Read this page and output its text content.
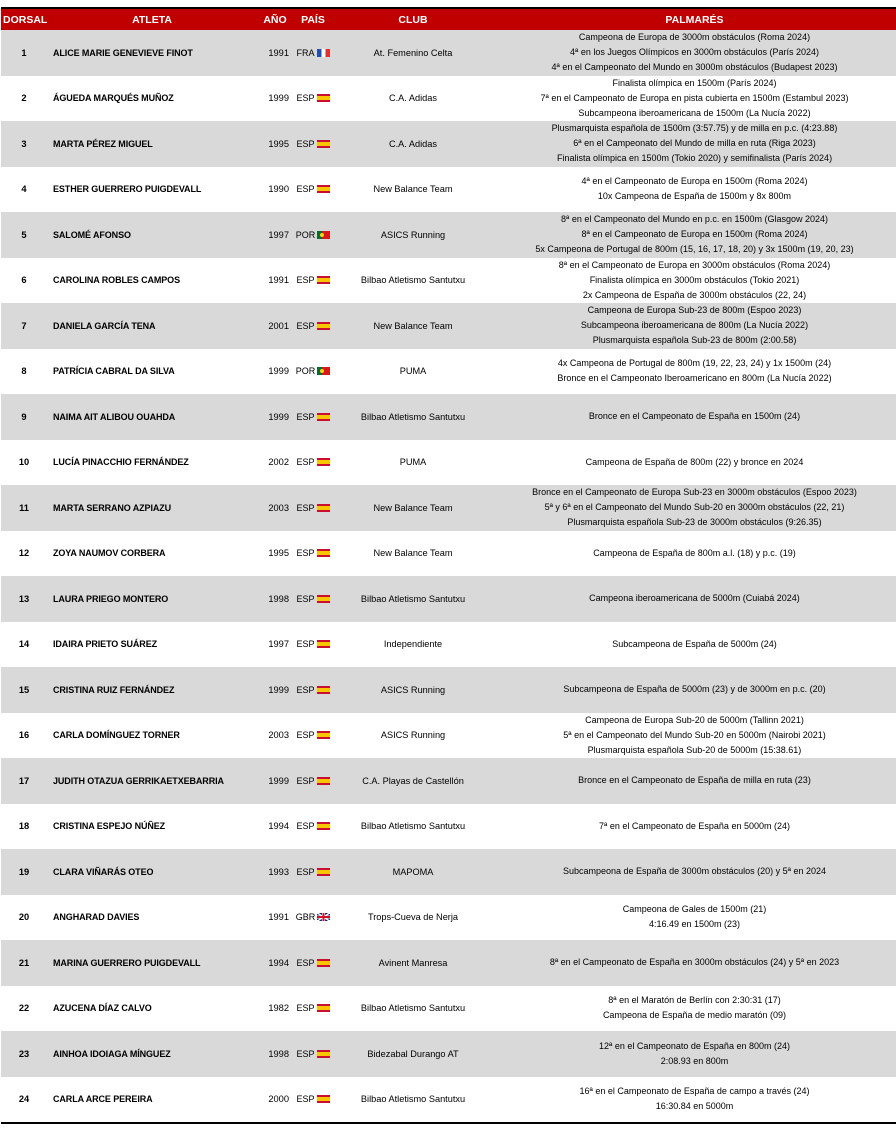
DORSAL	ATLETA	AÑO	PAÍS	CLUB	PALMARÉS
1	ALICE MARIE GENEVIEVE FINOT	1991 FRA	At. Femenino Celta
Campeona de Europa de 3000m obstáculos (Roma 2024)
4ª en los Juegos Olímpicos en 3000m obstáculos (París 2024)
4ª en el Campeonato del Mundo en 3000m obstáculos (Budapest 2023)
2	ÁGUEDA MARQUÉS MUÑOZ	1999 ESP	C.A. Adidas
Finalista olímpica en 1500m (París 2024)
7ª en el Campeonato de Europa en pista cubierta en 1500m (Estambul 2023)
Subcampeona iberoamericana de 1500m (La Nucía 2022)
3	MARTA PÉREZ MIGUEL	1995 ESP	C.A. Adidas
Plusmarquista española de 1500m (3:57.75) y de milla en p.c. (4:23.88)
6ª en el Campeonato del Mundo de milla en ruta (Riga 2023)
Finalista olímpica en 1500m (Tokio 2020) y semifinalista (París 2024)
4	ESTHER GUERRERO PUIGDEVALL	1990 ESP	New Balance Team
4ª en el Campeonato de Europa en 1500m (Roma 2024)
10x Campeona de España de 1500m y 8x 800m
5	SALOMÉ AFONSO	1997 POR	ASICS Running
8ª en el Campeonato del Mundo en p.c. en 1500m (Glasgow 2024)
8ª en el Campeonato de Europa en 1500m (Roma 2024)
5x Campeona de Portugal de 800m (15, 16, 17, 18, 20) y 3x 1500m (19, 20, 23)
6	CAROLINA ROBLES CAMPOS	1991 ESP	Bilbao Atletismo Santutxu
8ª en el Campeonato de Europa en 3000m obstáculos (Roma 2024)
Finalista olímpica en 3000m obstáculos (Tokio 2021)
2x Campeona de España de 3000m obstáculos (22, 24)
7	DANIELA GARCÍA TENA	2001 ESP	New Balance Team
Campeona de Europa Sub-23 de 800m (Espoo 2023)
Subcampeona iberoamericana de 800m (La Nucía 2022)
Plusmarquista española Sub-23 de 800m (2:00.58)
8	PATRÍCIA CABRAL DA SILVA	1999 POR	PUMA
4x Campeona de Portugal de 800m (19, 22, 23, 24) y 1x 1500m (24)
Bronce en el Campeonato Iberoamericano en 800m (La Nucía 2022)
9	NAIMA AIT ALIBOU OUAHDA	1999 ESP	Bilbao Atletismo Santutxu	Bronce en el Campeonato de España en 1500m (24)
10	LUCÍA PINACCHIO FERNÁNDEZ	2002 ESP	PUMA	Campeona de España de 800m (22) y bronce en 2024
11	MARTA SERRANO AZPIAZU	2003 ESP	New Balance Team
Bronce en el Campeonato de Europa Sub-23 en 3000m obstáculos (Espoo 2023)
5ª y 6ª en el Campeonato del Mundo Sub-20 en 3000m obstáculos (22, 21)
Plusmarquista española Sub-23 de 3000m obstáculos (9:26.35)
12	ZOYA NAUMOV CORBERA	1995 ESP	New Balance Team	Campeona de España de 800m a.l. (18) y p.c. (19)
13	LAURA PRIEGO MONTERO	1998 ESP	Bilbao Atletismo Santutxu	Campeona iberoamericana de 5000m (Cuiabá 2024)
14	IDAIRA PRIETO SUÁREZ	1997 ESP	Independiente	Subcampeona de España de 5000m (24)
15	CRISTINA RUIZ FERNÁNDEZ	1999 ESP	ASICS Running	Subcampeona de España de 5000m (23) y de 3000m en p.c. (20)
16	CARLA DOMÍNGUEZ TORNER	2003 ESP	ASICS Running
Campeona de Europa Sub-20 de 5000m (Tallinn 2021)
5ª en el Campeonato del Mundo Sub-20 en 5000m (Nairobi 2021)
Plusmarquista española Sub-20 de 5000m (15:38.61)
17	JUDITH OTAZUA GERRIKAETXEBARRIA	1999 ESP	C.A. Playas de Castellón	Bronce en el Campeonato de España de milla en ruta (23)
18	CRISTINA ESPEJO NÚÑEZ	1994 ESP	Bilbao Atletismo Santutxu	7ª en el Campeonato de España en 5000m (24)
19	CLARA VIÑARÁS OTEO	1993 ESP	MAPOMA	Subcampeona de España de 3000m obstáculos (20) y 5ª en 2024
20	ANGHARAD DAVIES	1991 GBR	Trops-Cueva de Nerja
Campeona de Gales de 1500m (21)
4:16.49 en 1500m (23)
21	MARINA GUERRERO PUIGDEVALL	1994 ESP	Avinent Manresa	8ª en el Campeonato de España en 3000m obstáculos (24) y 5ª en 2023
22	AZUCENA DÍAZ CALVO	1982 ESP	Bilbao Atletismo Santutxu
8ª en el Maratón de Berlín con 2:30:31 (17)
Campeona de España de medio maratón (09)
23	AINHOA IDOIAGA MÍNGUEZ	1998 ESP	Bidezabal Durango AT
12ª en el Campeonato de España en 800m (24)
2:08.93 en 800m
24	CARLA ARCE PEREIRA	2000 ESP	Bilbao Atletismo Santutxu
16ª en el Campeonato de España de campo a través (24)
16:30.84 en 5000m
